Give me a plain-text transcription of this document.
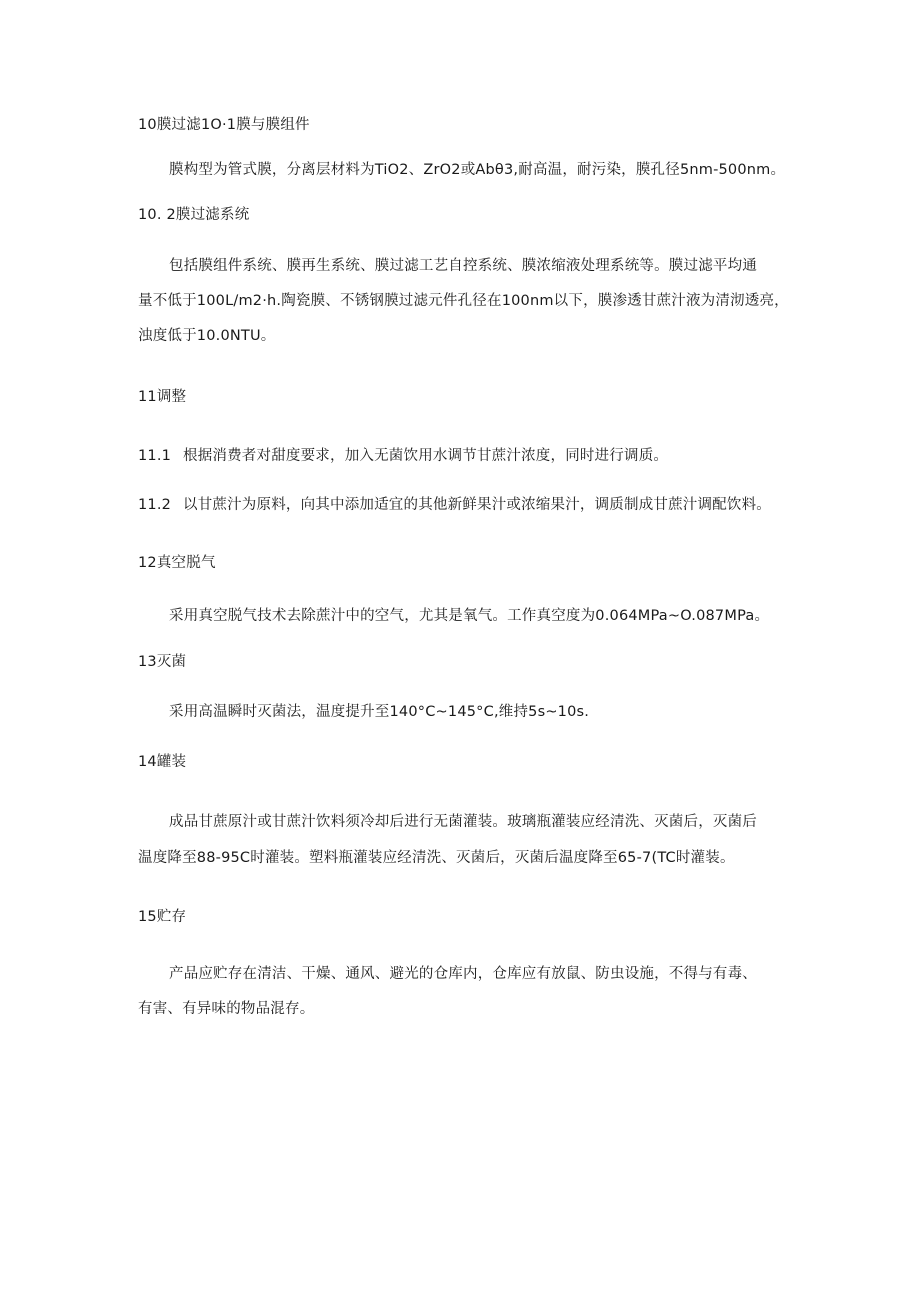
10膜过滤1O·1膜与膜组件
膜构型为管式膜，分离层材料为TiO2、ZrO2或Abθ3,耐高温，耐污染，膜孔径5nm-500nm。
10. 2膜过滤系统
包括膜组件系统、膜再生系统、膜过滤工艺自控系统、膜浓缩液处理系统等。膜过滤平均通
量不低于100L∕m2·h.陶瓷膜、不锈钢膜过滤元件孔径在100nm以下，膜渗透甘蔗汁液为清沏透亮，
浊度低于10.0NTU。
11调整
11.1 根据消费者对甜度要求，加入无菌饮用水调节甘蔗汁浓度，同时进行调质。
11.2 以甘蔗汁为原料，向其中添加适宜的其他新鲜果汁或浓缩果汁，调质制成甘蔗汁调配饮料。
12真空脱气
采用真空脱气技术去除蔗汁中的空气，尤其是氧气。工作真空度为0.064MPa~O.087MPa。
13灭菌
采用高温瞬时灭菌法，温度提升至140°C~145°C,维持5s~10s.
14罐装
成品甘蔗原汁或甘蔗汁饮料须冷却后进行无菌灌装。玻璃瓶灌装应经清洗、灭菌后，灭菌后
温度降至88-95C时灌装。塑料瓶灌装应经清洗、灭菌后，灭菌后温度降至65-7(TC时灌装。
15贮存
产品应贮存在清洁、干燥、通风、避光的仓库内，仓库应有放鼠、防虫设施，不得与有毒、
有害、有异味的物品混存。
